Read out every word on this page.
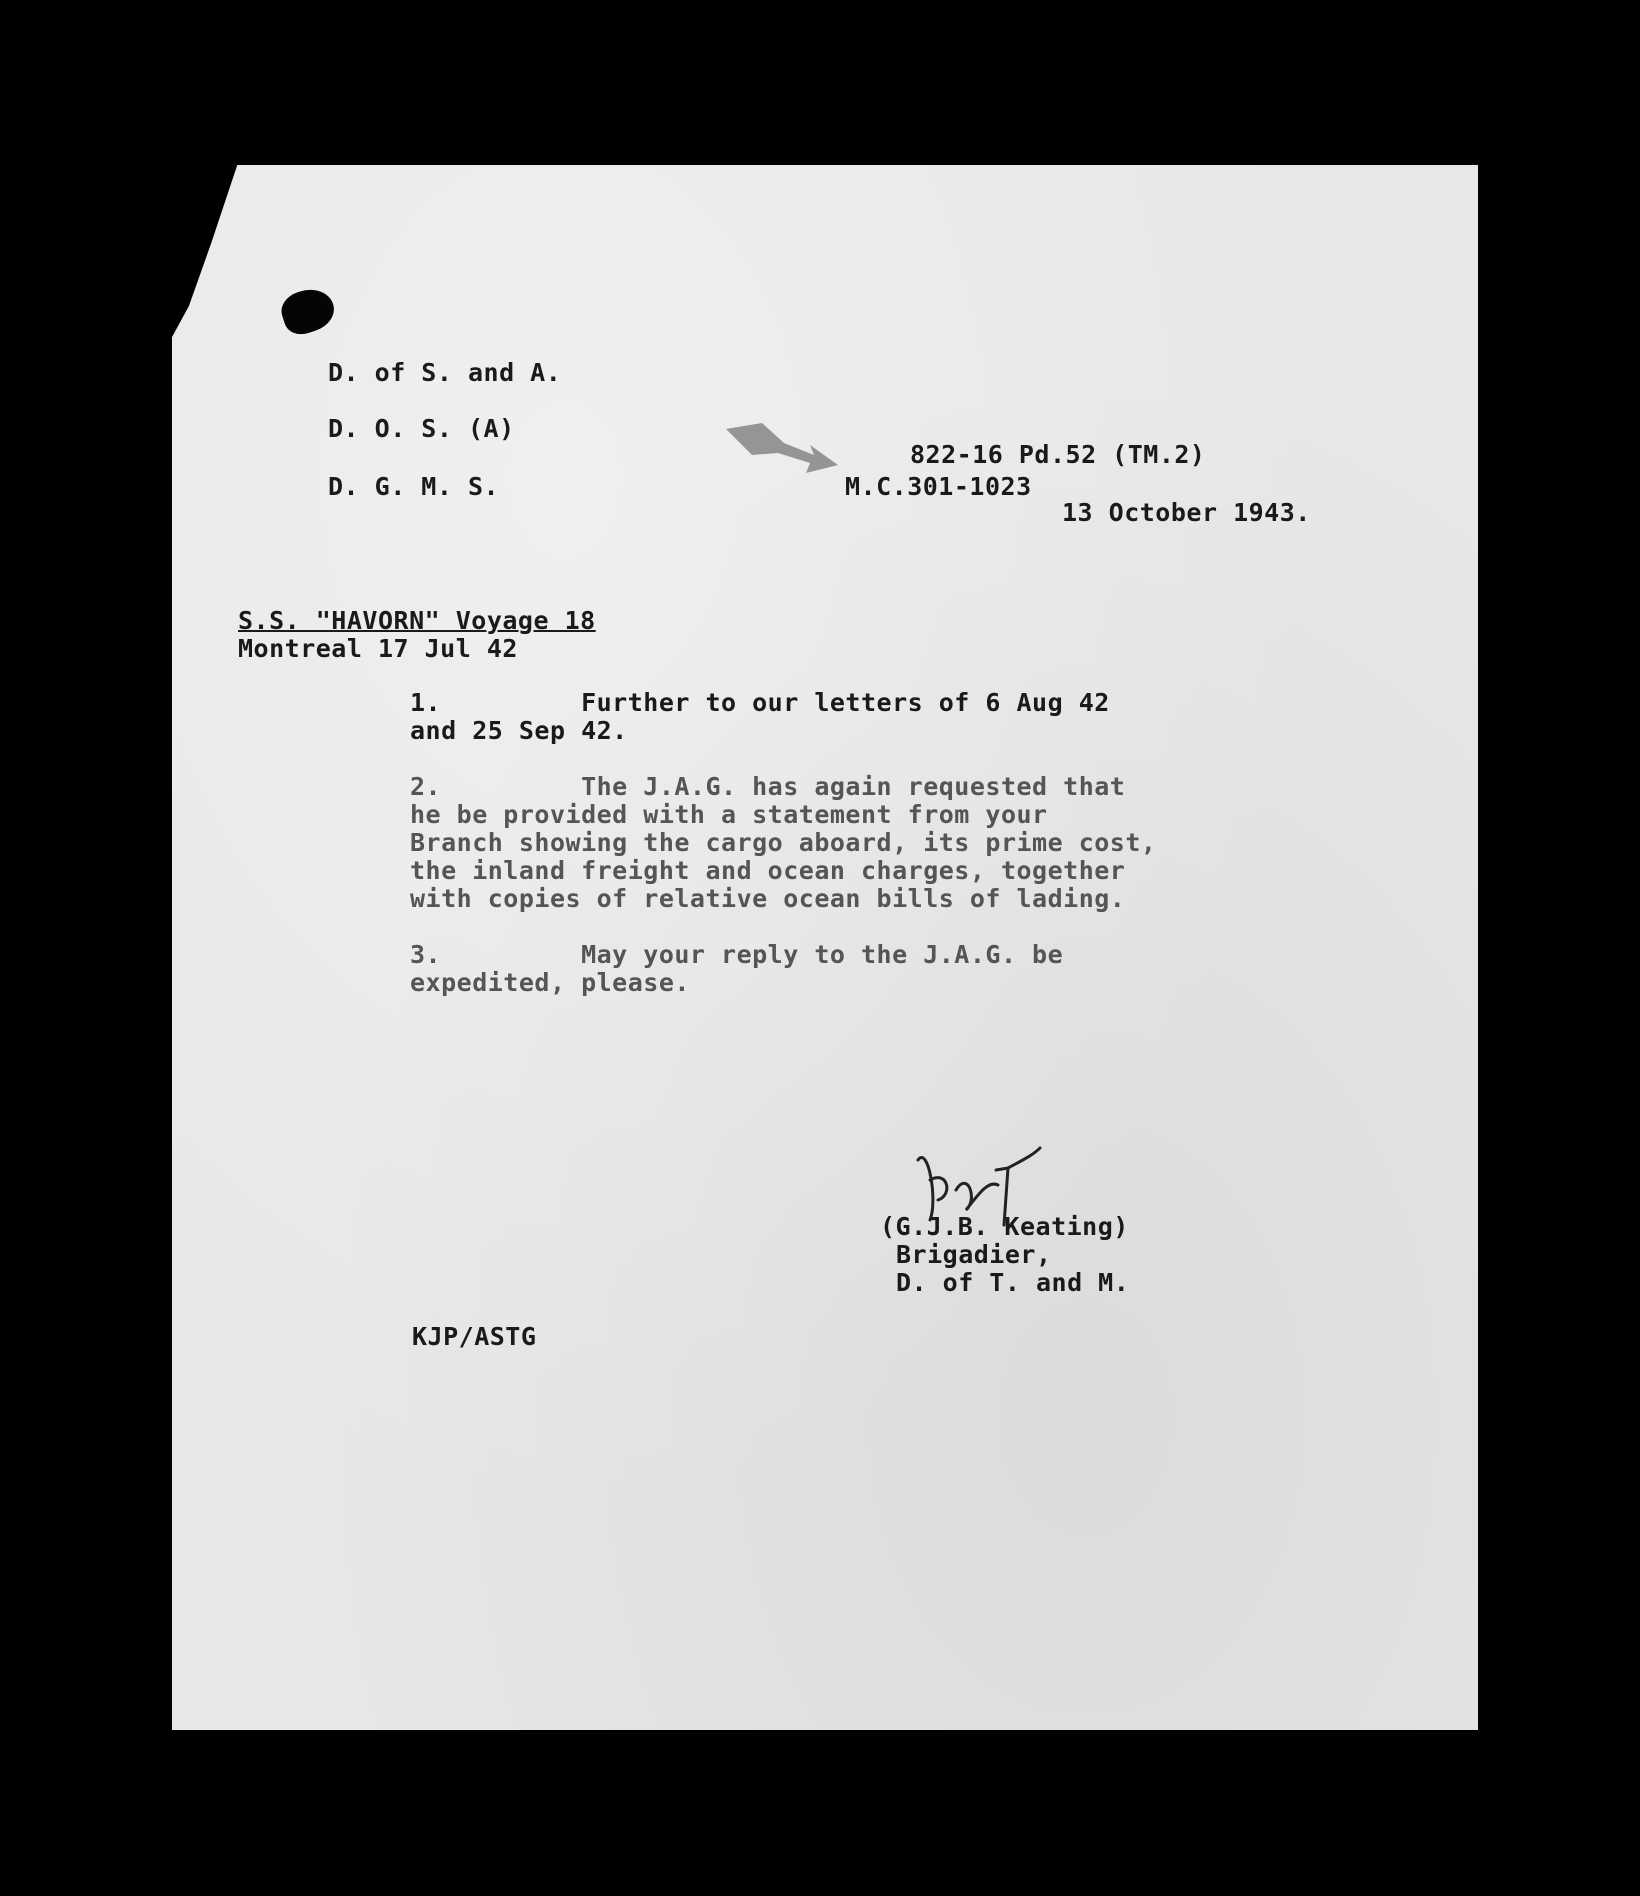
D. of S. and A.
D. O. S. (A)
D. G. M. S.
822-16 Pd.52 (TM.2)
M.C.301-1023
13 October 1943.
S.S. "HAVORN" Voyage 18
Montreal 17 Jul 42
1.         Further to our letters of 6 Aug 42
and 25 Sep 42.
2.         The J.A.G. has again requested that
he be provided with a statement from your
Branch showing the cargo aboard, its prime cost,
the inland freight and ocean charges, together
with copies of relative ocean bills of lading.
3.         May your reply to the J.A.G. be
expedited, please.
(G.J.B. Keating)
Brigadier,
D. of T. and M.
KJP/ASTG
